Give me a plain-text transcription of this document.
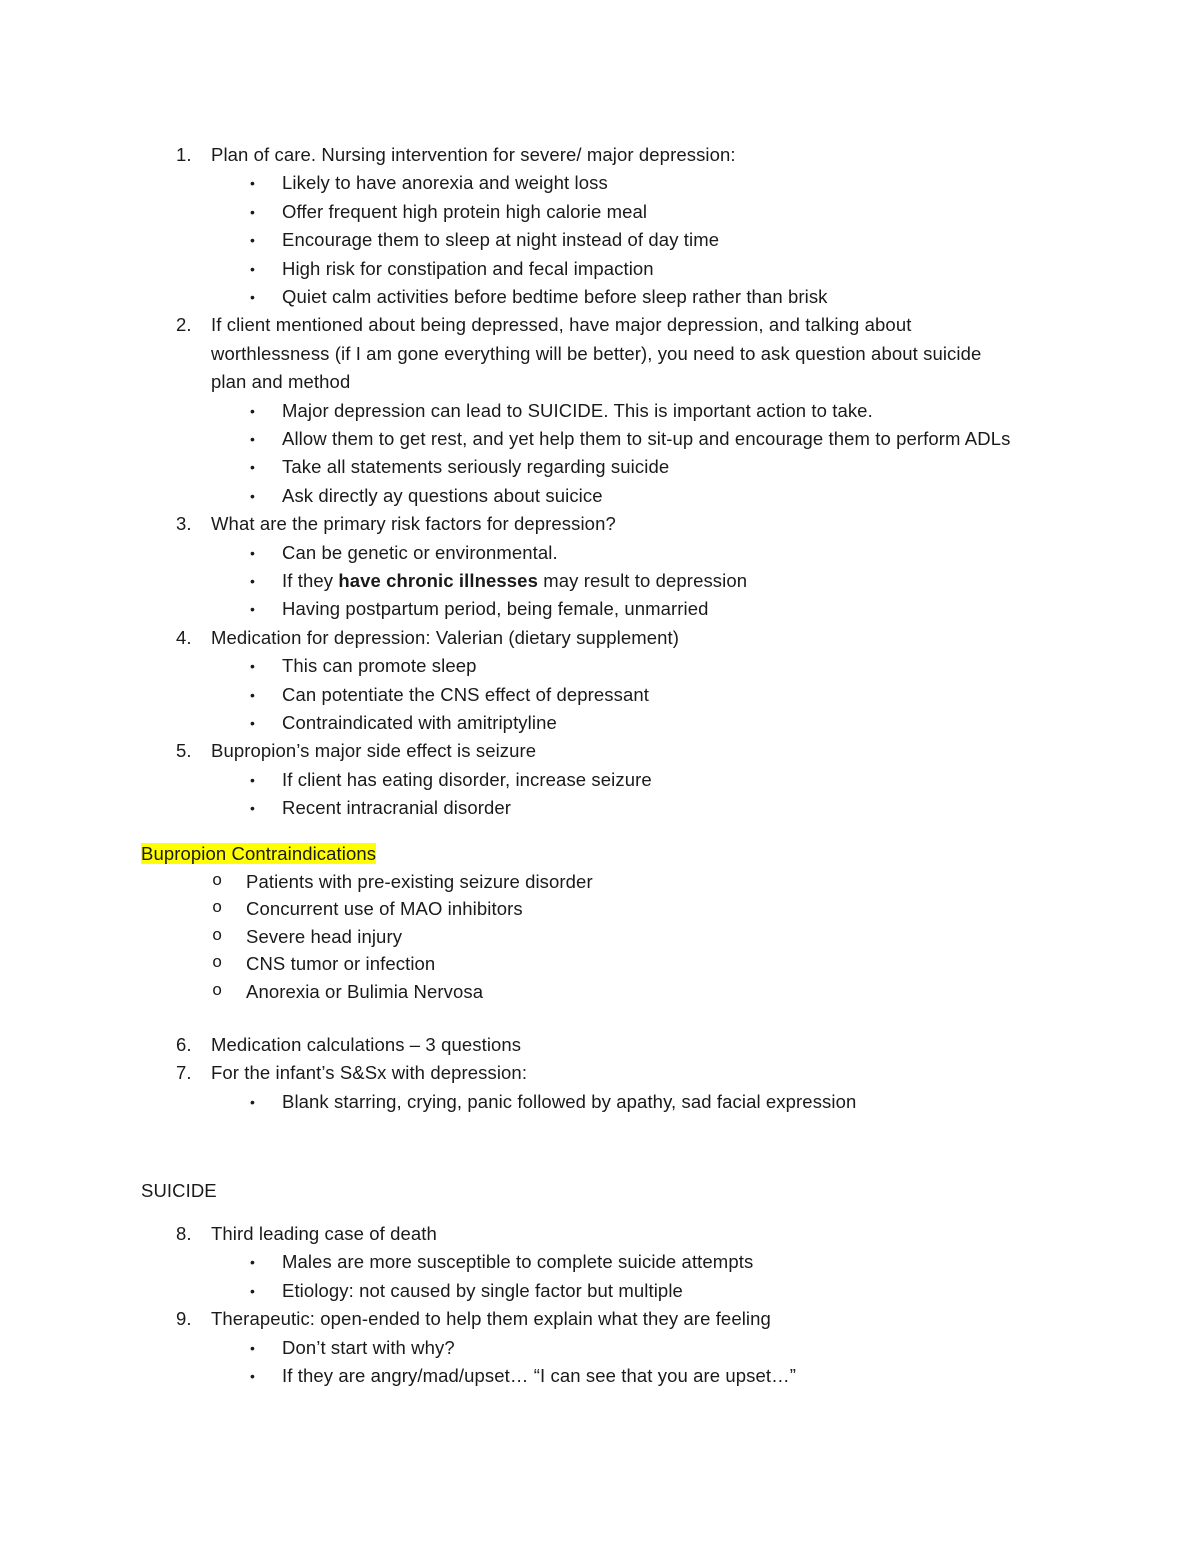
1.	Plan of care. Nursing intervention for severe/ major depression:
• Likely to have anorexia and weight loss
• Offer frequent high protein high calorie meal
• Encourage them to sleep at night instead of day time
• High risk for constipation and fecal impaction
• Quiet calm activities before bedtime before sleep rather than brisk
2.	If client mentioned about being depressed, have major depression, and talking about
worthlessness (if I am gone everything will be better), you need to ask question about suicide
plan and method
• Major depression can lead to SUICIDE. This is important action to take.
• Allow them to get rest, and yet help them to sit-up and encourage them to perform ADLs
• Take all statements seriously regarding suicide
• Ask directly ay questions about suicice
3.	What are the primary risk factors for depression?
• Can be genetic or environmental.
• If they have chronic illnesses may result to depression
• Having postpartum period, being female, unmarried
4.	Medication for depression: Valerian (dietary supplement)
• This can promote sleep
• Can potentiate the CNS effect of depressant
• Contraindicated with amitriptyline
5.	Bupropion’s major side effect is seizure
• If client has eating disorder, increase seizure
• Recent intracranial disorder
Bupropion Contraindications
o Patients with pre-existing seizure disorder
o Concurrent use of MAO inhibitors
o Severe head injury
o CNS tumor or infection
o Anorexia or Bulimia Nervosa
6.	Medication calculations – 3 questions
7.	For the infant’s S&Sx with depression:
• Blank starring, crying, panic followed by apathy, sad facial expression
SUICIDE
8.	Third leading case of death
• Males are more susceptible to complete suicide attempts
• Etiology: not caused by single factor but multiple
9.	Therapeutic: open-ended to help them explain what they are feeling
• Don’t start with why?
• If they are angry/mad/upset… “I can see that you are upset…”
